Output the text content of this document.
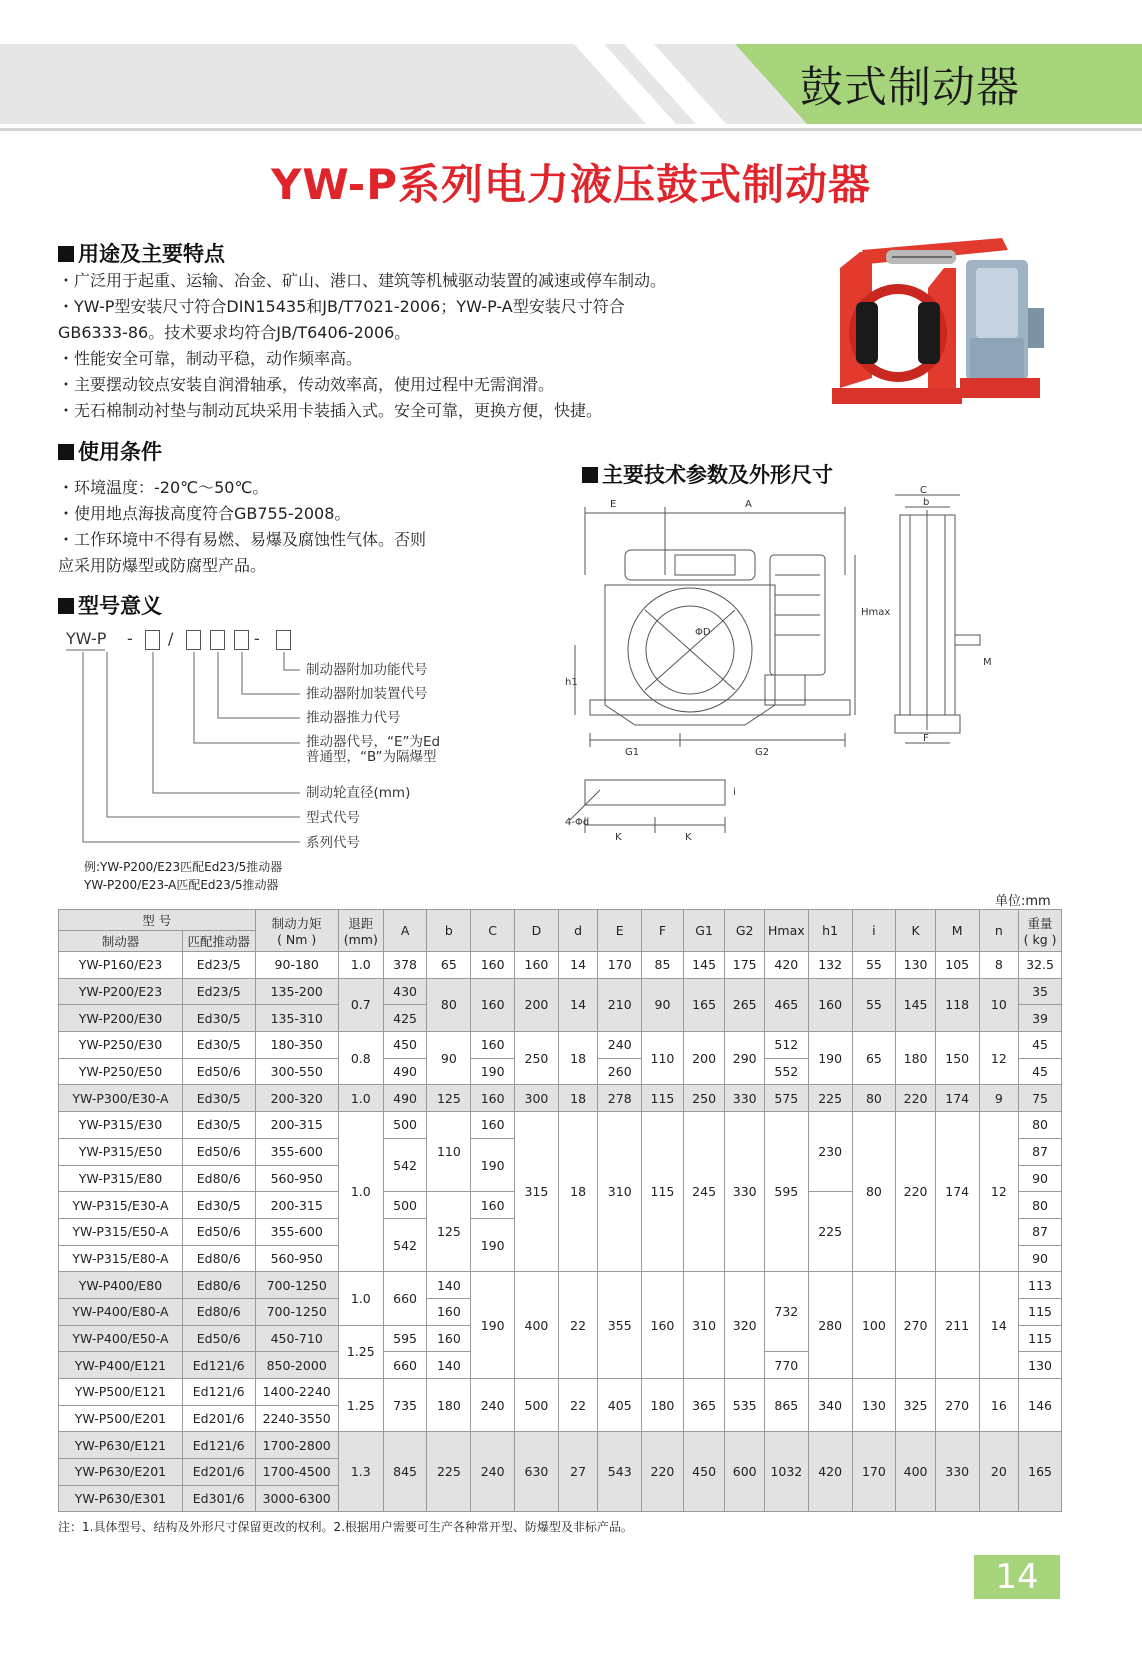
鼓式制动器
YW-P系列电力液压鼓式制动器
用途及主要特点
・广泛用于起重、运输、冶金、矿山、港口、建筑等机械驱动装置的减速或停车制动。
・YW-P型安装尺寸符合DIN15435和JB/T7021-2006；YW-P-A型安装尺寸符合
GB6333-86。技术要求均符合JB/T6406-2006。
・性能安全可靠，制动平稳，动作频率高。
・主要摆动铰点安装自润滑轴承，传动效率高，使用过程中无需润滑。
・无石棉制动衬垫与制动瓦块采用卡装插入式。安全可靠，更换方便，快捷。
使用条件
・环境温度：-20℃～50℃。
・使用地点海拔高度符合GB755-2008。
・工作环境中不得有易燃、易爆及腐蚀性气体。否则
应采用防爆型或防腐型产品。
型号意义
YW-P - /	-
制动器附加功能代号
推动器附加装置代号
推动器推力代号
推动器代号，“E”为Ed
普通型，“B”为隔爆型
制动轮直径(mm)
型式代号
系列代号
例:YW-P200/E23匹配Ed23/5推动器
YW-P200/E23-A匹配Ed23/5推动器
主要技术参数及外形尺寸
E	A
C
b
ΦD
Hmax
h1
G1	G2
M
F
K	K
4-Φd
i
单位:mm
型 号		制动力矩
( Nm )	退距
(mm)	A	b	C	D	d	E	F	G1	G2	Hmax	h1	i	K	M	n	重量
( kg )
制动器	匹配推动器																		
YW-P160/E23	Ed23/5	90-180	1.0	378	65	160	160	14	170	85	145	175	420	132	55	130	105	8	32.5
YW-P200/E23	Ed23/5	135-200	0.7	430	80	160	200	14	210	90	165	265	465	160	55	145	118	10	35
YW-P200/E30	Ed30/5	135-310		425															39
YW-P250/E30	Ed30/5	180-350	0.8	450	90	160	250	18	240	110	200	290	512	190	65	180	150	12	45
YW-P250/E50	Ed50/6	300-550		490		190			260				552						45
YW-P300/E30-A	Ed30/5	200-320	1.0	490	125	160	300	18	278	115	250	330	575	225	80	220	174	9	75
YW-P315/E30	Ed30/5	200-315	1.0	500	110	160	315	18	310	115	245	330	595	230	80	220	174	12	80
YW-P315/E50	Ed50/6	355-600		542		190													87
YW-P315/E80	Ed80/6	560-950																	90
YW-P315/E30-A	Ed30/5	200-315		500	125	160								225					80
YW-P315/E50-A	Ed50/6	355-600		542		190													87
YW-P315/E80-A	Ed80/6	560-950																	90
YW-P400/E80	Ed80/6	700-1250	1.0	660	140	190	400	22	355	160	310	320	732	280	100	270	211	14	113
YW-P400/E80-A	Ed80/6	700-1250			160														115
YW-P400/E50-A	Ed50/6	450-710	1.25	595	160														115
YW-P400/E121	Ed121/6	850-2000		660	140								770						130
YW-P500/E121	Ed121/6	1400-2240	1.25	735	180	240	500	22	405	180	365	535	865	340	130	325	270	16	146
YW-P500/E201	Ed201/6	2240-3550																	
YW-P630/E121	Ed121/6	1700-2800	1.3	845	225	240	630	27	543	220	450	600	1032	420	170	400	330	20	165
YW-P630/E201	Ed201/6	1700-4500																	
YW-P630/E301	Ed301/6	3000-6300																	
注：1.具体型号、结构及外形尺寸保留更改的权利。2.根据用户需要可生产各种常开型、防爆型及非标产品。
14
